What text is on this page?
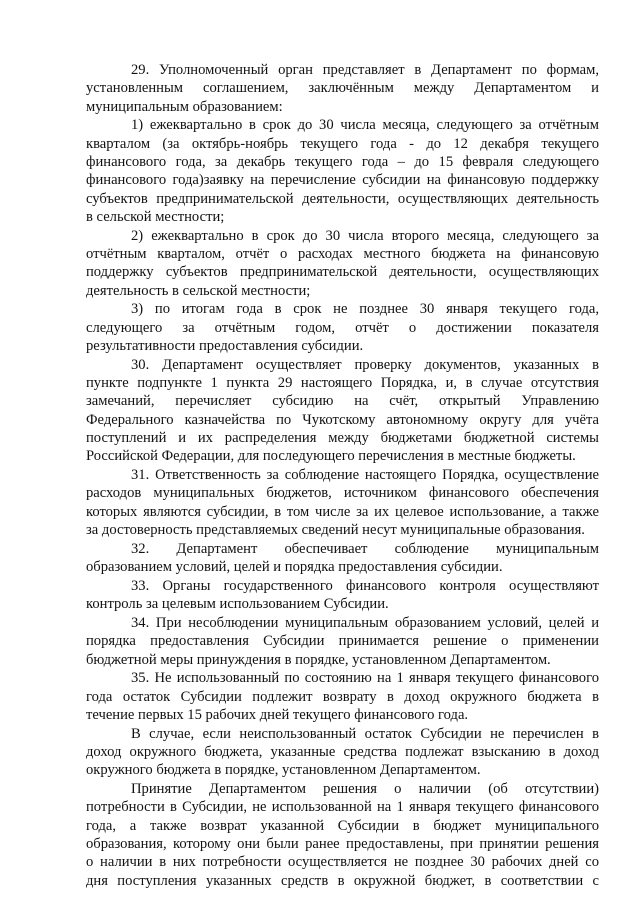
29. Уполномоченный орган представляет в Департамент по формам,
установленным соглашением, заключённым между Департаментом и
муниципальным образованием:
1) ежеквартально в срок до 30 числа месяца, следующего за отчётным
кварталом (за октябрь-ноябрь текущего года - до 12 декабря текущего
финансового года, за декабрь текущего года – до 15 февраля следующего
финансового года)заявку на перечисление субсидии на финансовую поддержку
субъектов предпринимательской деятельности, осуществляющих деятельность
в сельской местности;
2) ежеквартально в срок до 30 числа второго месяца, следующего за
отчётным кварталом, отчёт о расходах местного бюджета на финансовую
поддержку субъектов предпринимательской деятельности, осуществляющих
деятельность в сельской местности;
3) по итогам года в срок не позднее 30 января текущего года,
следующего за отчётным годом, отчёт о достижении показателя
результативности предоставления субсидии.
30. Департамент осуществляет проверку документов, указанных в
пункте подпункте 1 пункта 29 настоящего Порядка, и, в случае отсутствия
замечаний, перечисляет субсидию на счёт, открытый Управлению
Федерального казначейства по Чукотскому автономному округу для учёта
поступлений и их распределения между бюджетами бюджетной системы
Российской Федерации, для последующего перечисления в местные бюджеты.
31. Ответственность за соблюдение настоящего Порядка, осуществление
расходов муниципальных бюджетов, источником финансового обеспечения
которых являются субсидии, в том числе за их целевое использование, а также
за достоверность представляемых сведений несут муниципальные образования.
32. Департамент обеспечивает соблюдение муниципальным
образованием условий, целей и порядка предоставления субсидии.
33. Органы государственного финансового контроля осуществляют
контроль за целевым использованием Субсидии.
34. При несоблюдении муниципальным образованием условий, целей и
порядка предоставления Субсидии принимается решение о применении
бюджетной меры принуждения в порядке, установленном Департаментом.
35. Не использованный по состоянию на 1 января текущего финансового
года остаток Субсидии подлежит возврату в доход окружного бюджета в
течение первых 15 рабочих дней текущего финансового года.
В случае, если неиспользованный остаток Субсидии не перечислен в
доход окружного бюджета, указанные средства подлежат взысканию в доход
окружного бюджета в порядке, установленном Департаментом.
Принятие Департаментом решения о наличии (об отсутствии)
потребности в Субсидии, не использованной на 1 января текущего финансового
года, а также возврат указанной Субсидии в бюджет муниципального
образования, которому они были ранее предоставлены, при принятии решения
о наличии в них потребности осуществляется не позднее 30 рабочих дней со
дня поступления указанных средств в окружной бюджет, в соответствии с
